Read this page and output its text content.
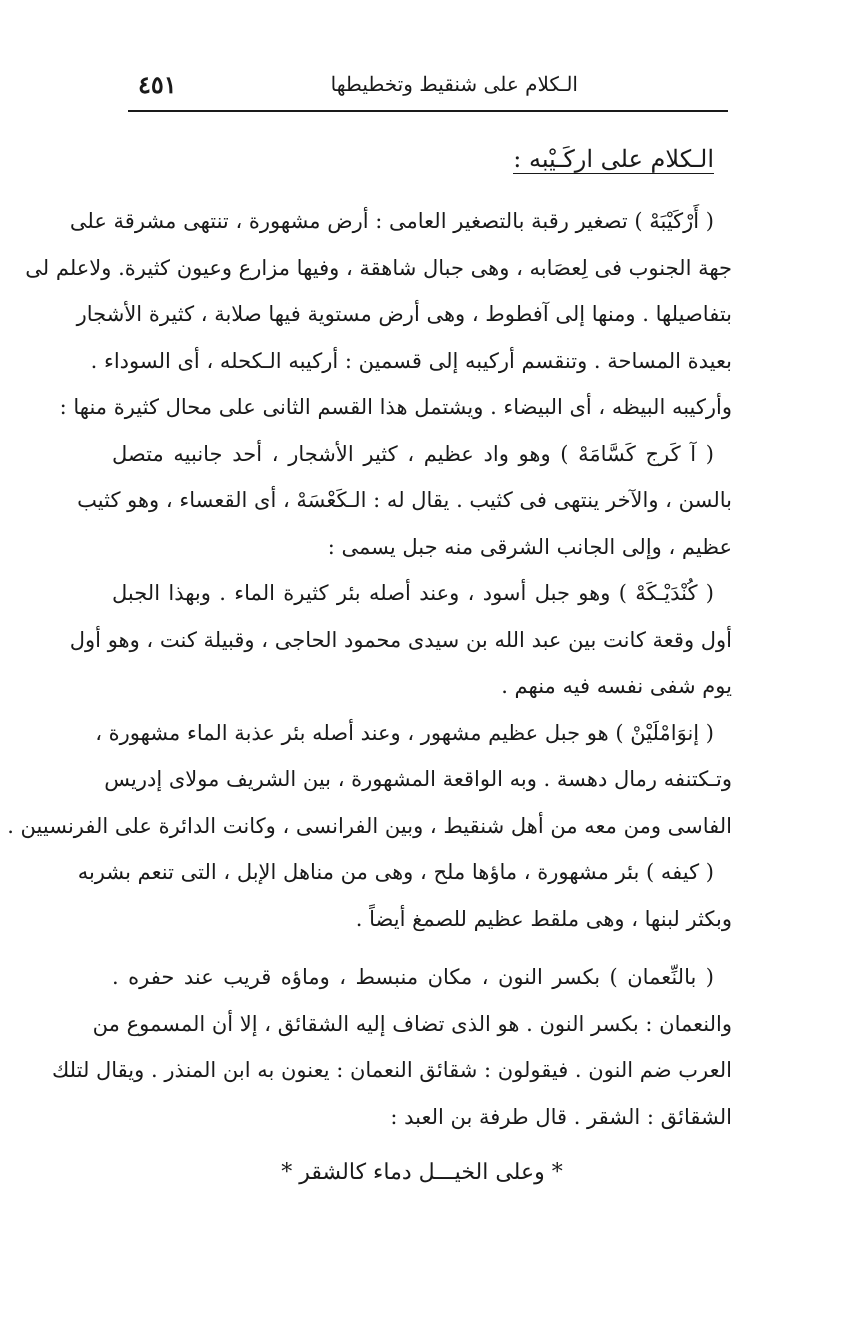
الـكلام على شنقيط وتخطيطها
٤٥١
الـكلام على اركَـيْبه :
( أَرْكَيْبَهْ ) تصغير رقبة بالتصغير العامى : أرض مشهورة ، تنتهى مشرقة على
جهة الجنوب فى لِعصَابه ، وهى جبال شاهقة ، وفيها مزارع وعيون كثيرة. ولاعلم لى
بتفاصيلها . ومنها إلى آفطوط ، وهى أرض مستوية فيها صلابة ، كثيرة الأشجار
بعيدة المساحة . وتنقسم أركيبه إلى قسمين : أركيبه الـكحله ، أى السوداء .
وأركيبه البيظه ، أى البيضاء . ويشتمل هذا القسم الثانى على محال كثيرة منها :
( آ كَرج كَسَّامَهْ ) وهو واد عظيم ، كثير الأشجار ، أحد جانبيه متصل
بالسن ، والآخر ينتهى فى كثيب . يقال له : الـكَعْسَهْ ، أى القعساء ، وهو كثيب
عظيم ، وإلى الجانب الشرقى منه جبل يسمى :
( كُنْدَيْـكَهْ ) وهو جبل أسود ، وعند أصله بئر كثيرة الماء . وبهذا الجبل
أول وقعة كانت بين عبد الله بن سيدى محمود الحاجى ، وقبيلة كنت ، وهو أول
يوم شفى نفسه فيه منهم .
( إنوَامْلَيْنْ ) هو جبل عظيم مشهور ، وعند أصله بئر عذبة الماء مشهورة ،
وتـكتنفه رمال دهسة . وبه الواقعة المشهورة ، بين الشريف مولاى إدريس
الفاسى ومن معه من أهل شنقيط ، وبين الفرانسى ، وكانت الدائرة على الفرنسيين .
( كيفه ) بئر مشهورة ، ماؤها ملح ، وهى من مناهل الإبل ، التى تنعم بشربه
وبكثر لبنها ، وهى ملقط عظيم للصمغ أيضاً .
( بالنِّعمان ) بكسر النون ، مكان منبسط ، وماؤه قريب عند حفره .
والنعمان : بكسر النون . هو الذى تضاف إليه الشقائق ، إلا أن المسموع من
العرب ضم النون . فيقولون : شقائق النعمان : يعنون به ابن المنذر . ويقال لتلك
الشقائق : الشقر . قال طرفة بن العبد :
* وعلى الخيـــل دماء كالشقر *
